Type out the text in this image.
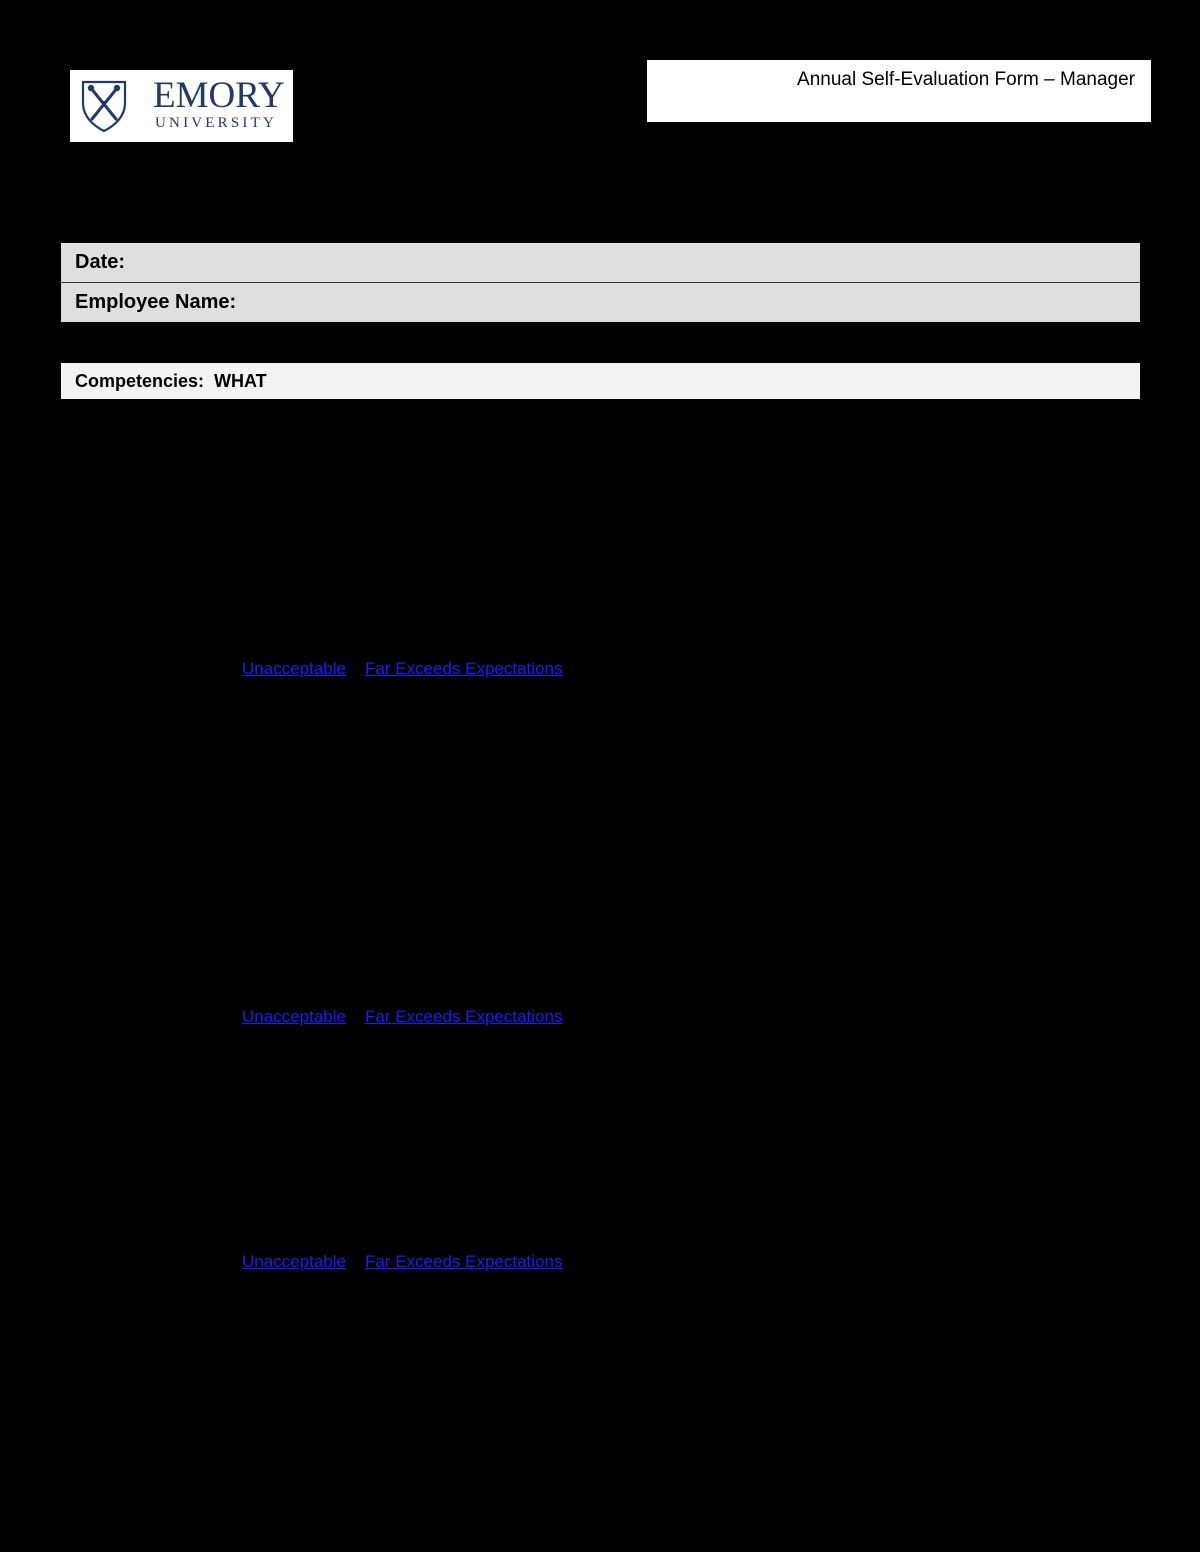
EMORY
UNIVERSITY
Annual Self-Evaluation Form – Manager
Date:
Employee Name:
Competencies:  WHAT
Unacceptable Far Exceeds Expectations
Unacceptable Far Exceeds Expectations
Unacceptable Far Exceeds Expectations
